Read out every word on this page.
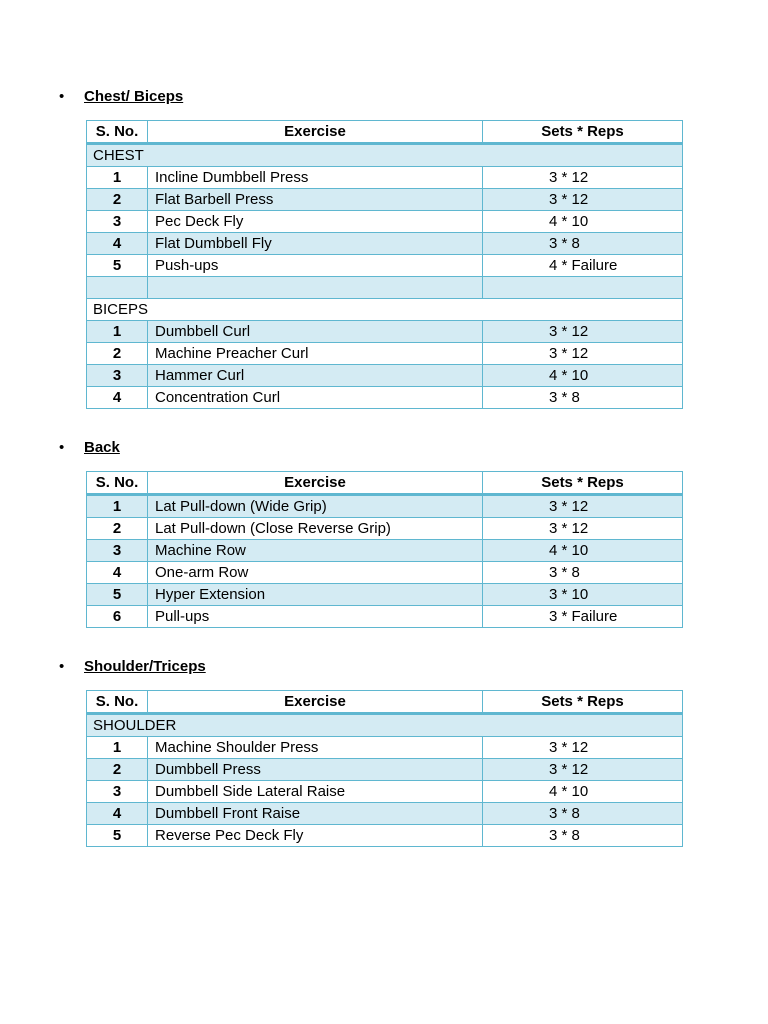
• Chest/ Biceps
S. No.	Exercise	Sets * Reps
CHEST		
1	Incline Dumbbell Press	3 * 12
2	Flat Barbell Press	3 * 12
3	Pec Deck Fly	4 * 10
4	Flat Dumbbell Fly	3 * 8
5	Push-ups	4 * Failure

BICEPS		
1	Dumbbell Curl	3 * 12
2	Machine Preacher Curl	3 * 12
3	Hammer Curl	4 * 10
4	Concentration Curl	3 * 8
• Back
S. No.	Exercise	Sets * Reps
1	Lat Pull-down (Wide Grip)	3 * 12
2	Lat Pull-down (Close Reverse Grip)	3 * 12
3	Machine Row	4 * 10
4	One-arm Row	3 * 8
5	Hyper Extension	3 * 10
6	Pull-ups	3 * Failure
• Shoulder/Triceps
S. No.	Exercise	Sets * Reps
SHOULDER		
1	Machine Shoulder Press	3 * 12
2	Dumbbell Press	3 * 12
3	Dumbbell Side Lateral Raise	4 * 10
4	Dumbbell Front Raise	3 * 8
5	Reverse Pec Deck Fly	3 * 8
